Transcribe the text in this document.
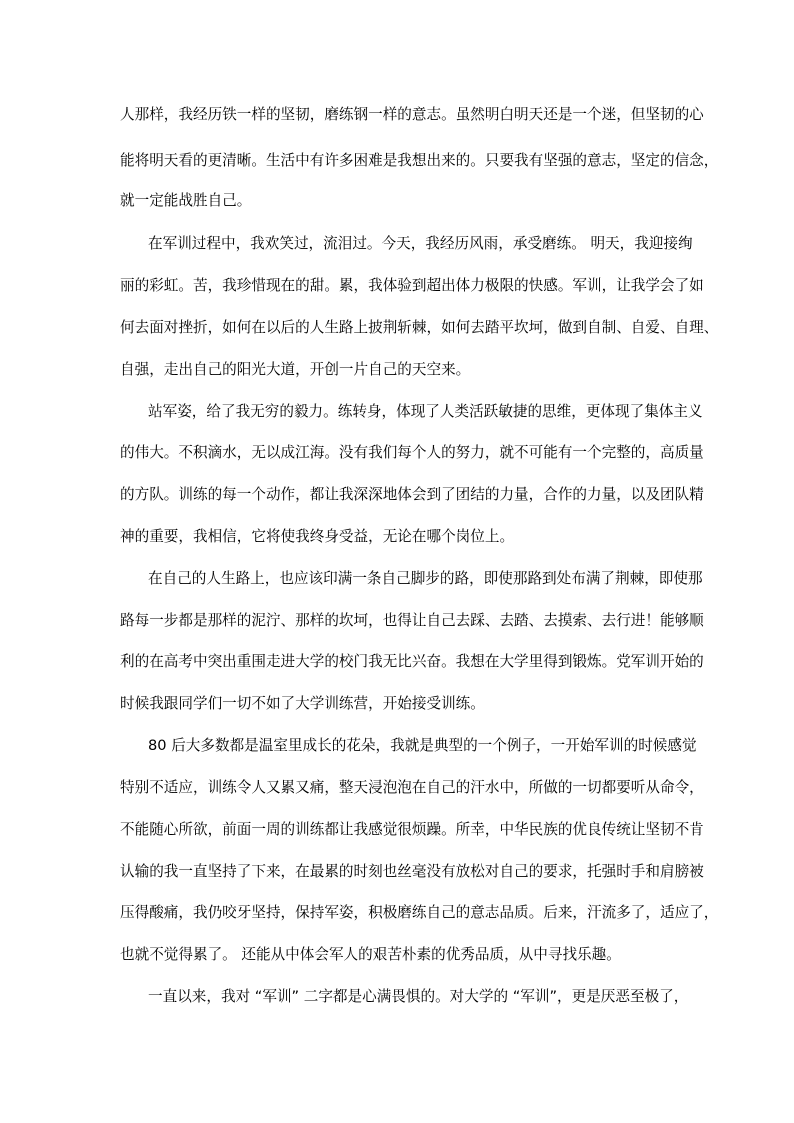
人那样，我经历铁一样的坚韧，磨练钢一样的意志。虽然明白明天还是一个迷，但坚韧的心
能将明天看的更清晰。生活中有许多困难是我想出来的。只要我有坚强的意志，坚定的信念，
就一定能战胜自己。
在军训过程中，我欢笑过，流泪过。今天，我经历风雨，承受磨练。 明天，我迎接绚
丽的彩虹。苦，我珍惜现在的甜。累，我体验到超出体力极限的快感。军训，让我学会了如
何去面对挫折，如何在以后的人生路上披荆斩棘，如何去踏平坎坷，做到自制、自爱、自理、
自强，走出自己的阳光大道，开创一片自己的天空来。
站军姿，给了我无穷的毅力。练转身，体现了人类活跃敏捷的思维，更体现了集体主义
的伟大。不积滴水，无以成江海。没有我们每个人的努力，就不可能有一个完整的，高质量
的方队。训练的每一个动作，都让我深深地体会到了团结的力量，合作的力量，以及团队精
神的重要，我相信，它将使我终身受益，无论在哪个岗位上。
在自己的人生路上，也应该印满一条自己脚步的路，即使那路到处布满了荆棘，即使那
路每一步都是那样的泥泞、那样的坎坷，也得让自己去踩、去踏、去摸索、去行进！能够顺
利的在高考中突出重围走进大学的校门我无比兴奋。我想在大学里得到锻炼。党军训开始的
时候我跟同学们一切不如了大学训练营，开始接受训练。
80 后大多数都是温室里成长的花朵，我就是典型的一个例子，一开始军训的时候感觉
特别不适应，训练令人又累又痛，整天浸泡泡在自己的汗水中，所做的一切都要听从命令，
不能随心所欲，前面一周的训练都让我感觉很烦躁。所幸，中华民族的优良传统让坚韧不肯
认输的我一直坚持了下来，在最累的时刻也丝毫没有放松对自己的要求，托强时手和肩膀被
压得酸痛，我仍咬牙坚持，保持军姿，积极磨练自己的意志品质。后来，汗流多了，适应了，
也就不觉得累了。 还能从中体会军人的艰苦朴素的优秀品质，从中寻找乐趣。
一直以来，我对 “军训” 二字都是心满畏惧的。对大学的 “军训”，更是厌恶至极了，
